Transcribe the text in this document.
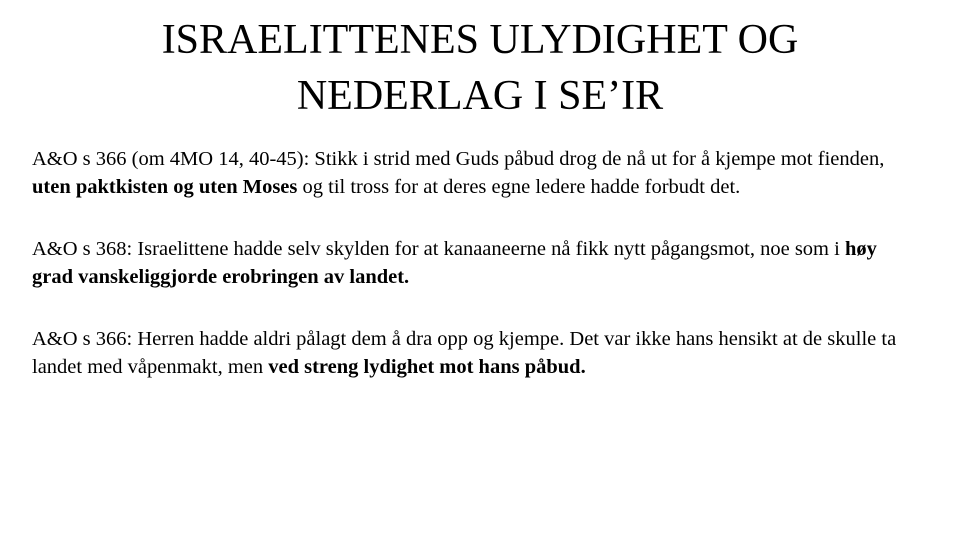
ISRAELITTENES ULYDIGHET OG
NEDERLAG I SE’IR

A&O s 366 (om 4MO 14, 40-45): Stikk i strid med Guds påbud drog de nå ut for å kjempe mot fienden, uten paktkisten og uten Moses og til tross for at deres egne ledere hadde forbudt det.

A&O s 368: Israelittene hadde selv skylden for at kanaaneerne nå fikk nytt pågangsmot, noe som i høy grad vanskeliggjorde erobringen av landet.

A&O s 366: Herren hadde aldri pålagt dem å dra opp og kjempe. Det var ikke hans hensikt at de skulle ta landet med våpenmakt, men ved streng lydighet mot hans påbud.
